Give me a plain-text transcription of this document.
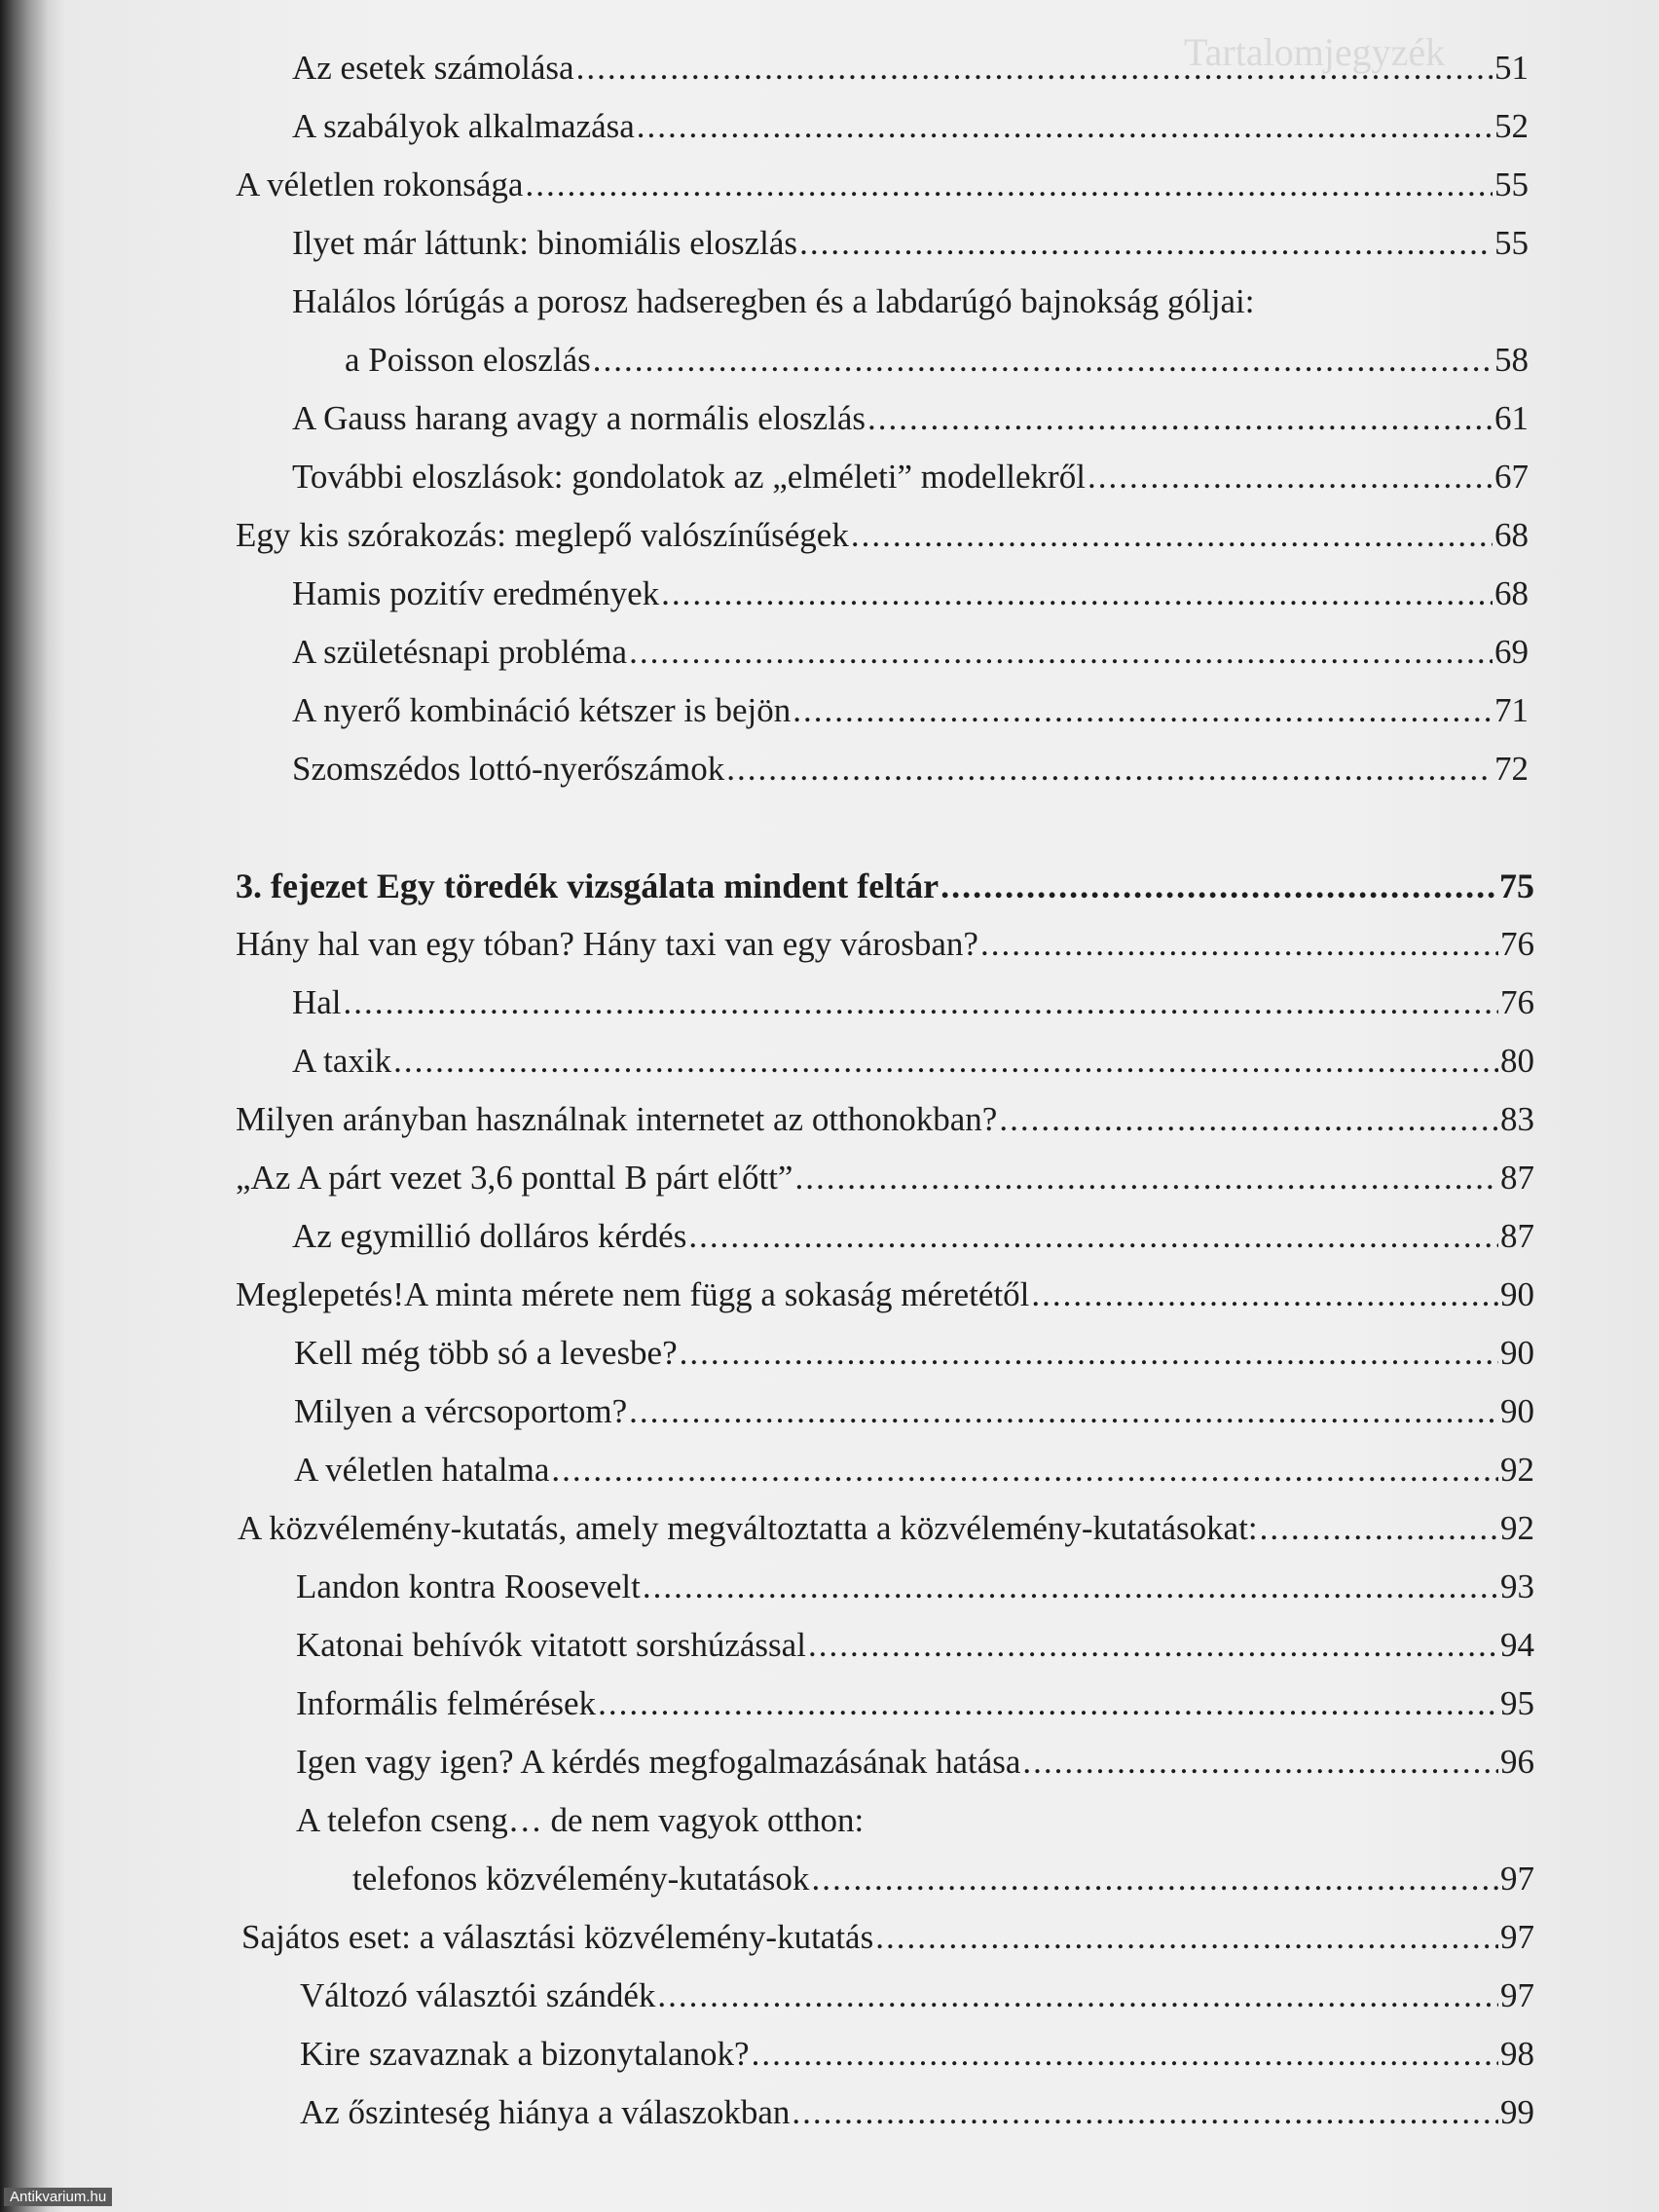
Tartalomjegyzék
Az esetek számolása .....	51
A szabályok alkalmazása .....	52
A véletlen rokonsága .....	55
Ilyet már láttunk: binomiális eloszlás .....	55
Halálos lórúgás a porosz hadseregben és a labdarúgó bajnokság góljai:
a Poisson eloszlás .....	58
A Gauss harang avagy a normális eloszlás .....	61
További eloszlások: gondolatok az „elméleti” modellekről .....	67
Egy kis szórakozás: meglepő valószínűségek .....	68
Hamis pozitív eredmények .....	68
A születésnapi probléma .....	69
A nyerő kombináció kétszer is bejön .....	71
Szomszédos lottó-nyerőszámok .....	72
3. fejezet Egy töredék vizsgálata mindent feltár .....	75
Hány hal van egy tóban? Hány taxi van egy városban? .....	76
Hal .....	76
A taxik .....	80
Milyen arányban használnak internetet az otthonokban? .....	83
„Az A párt vezet 3,6 ponttal B párt előtt” .....	87
Az egymillió dolláros kérdés .....	87
Meglepetés!A minta mérete nem függ a sokaság méretétől .....	90
Kell még több só a levesbe? .....	90
Milyen a vércsoportom? .....	90
A véletlen hatalma .....	92
A közvélemény-kutatás, amely megváltoztatta a közvélemény-kutatásokat: .....	92
Landon kontra Roosevelt .....	93
Katonai behívók vitatott sorshúzással .....	94
Informális felmérések .....	95
Igen vagy igen? A kérdés megfogalmazásának hatása .....	96
A telefon cseng… de nem vagyok otthon:
telefonos közvélemény-kutatások .....	97
Sajátos eset: a választási közvélemény-kutatás .....	97
Változó választói szándék .....	97
Kire szavaznak a bizonytalanok? .....	98
Az őszinteség hiánya a válaszokban .....	99
Antikvarium.hu
